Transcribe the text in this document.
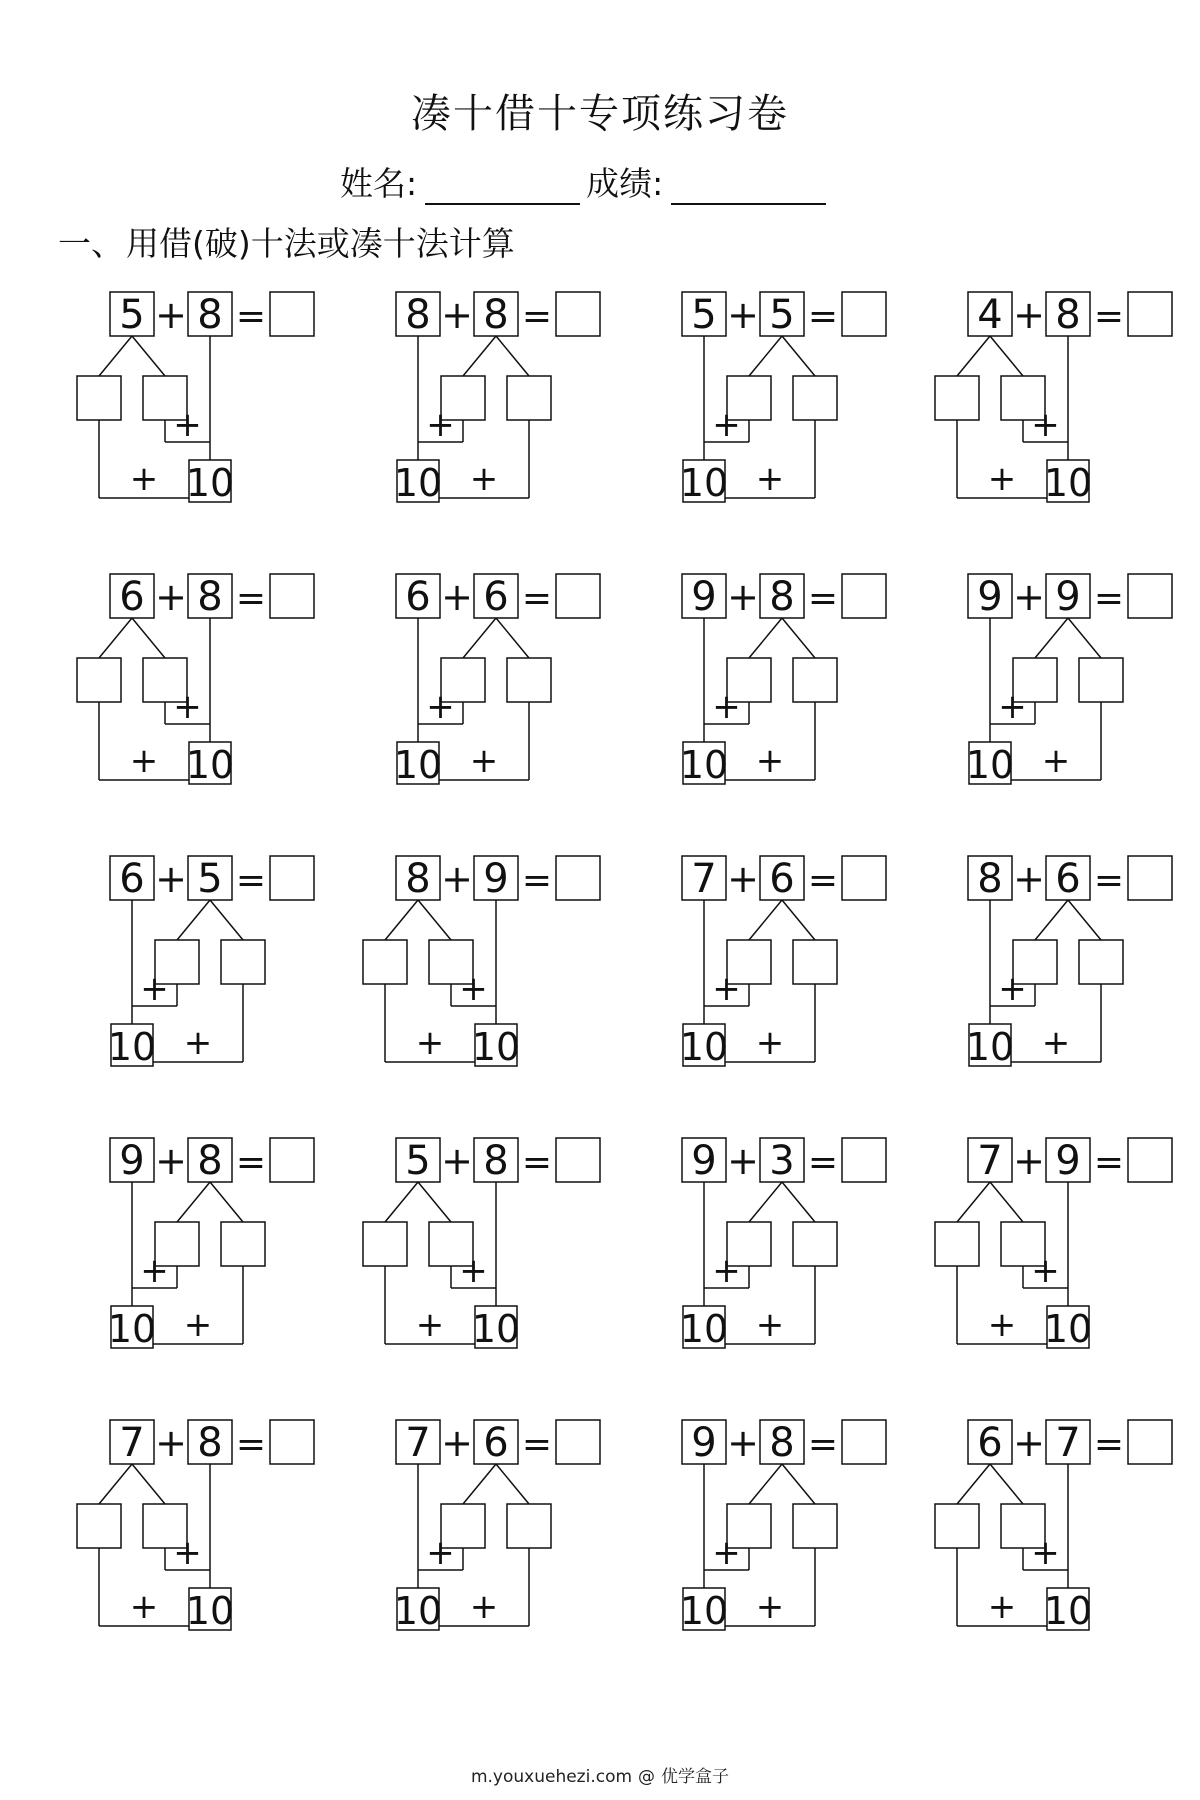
凑十借十专项练习卷
姓名:	成绩:
一、用借(破)十法或凑十法计算
5 + 8 =
+
10
+
8 + 8 =
+
10 +
5 + 5 =
+
10 +
4 + 8 =
+
10
+
6 + 8 =
+
10
+
6 + 6 =
+
10 +
9 + 8 =
+
10 +
9 + 9 =
+
10 +
6 + 5 =
+
10 +
8 + 9 =
+
10
+
7 + 6 =
+
10 +
8 + 6 =
+
10 +
9 + 8 =
+
10 +
5 + 8 =
+
10
+
9 + 3 =
+
10 +
7 + 9 =
+
10
+
7 + 8 =
+
10
+
7 + 6 =
+
10 +
9 + 8 =
+
10 +
6 + 7 =
+
10
+
m.youxuehezi.com @ 优学盒子
